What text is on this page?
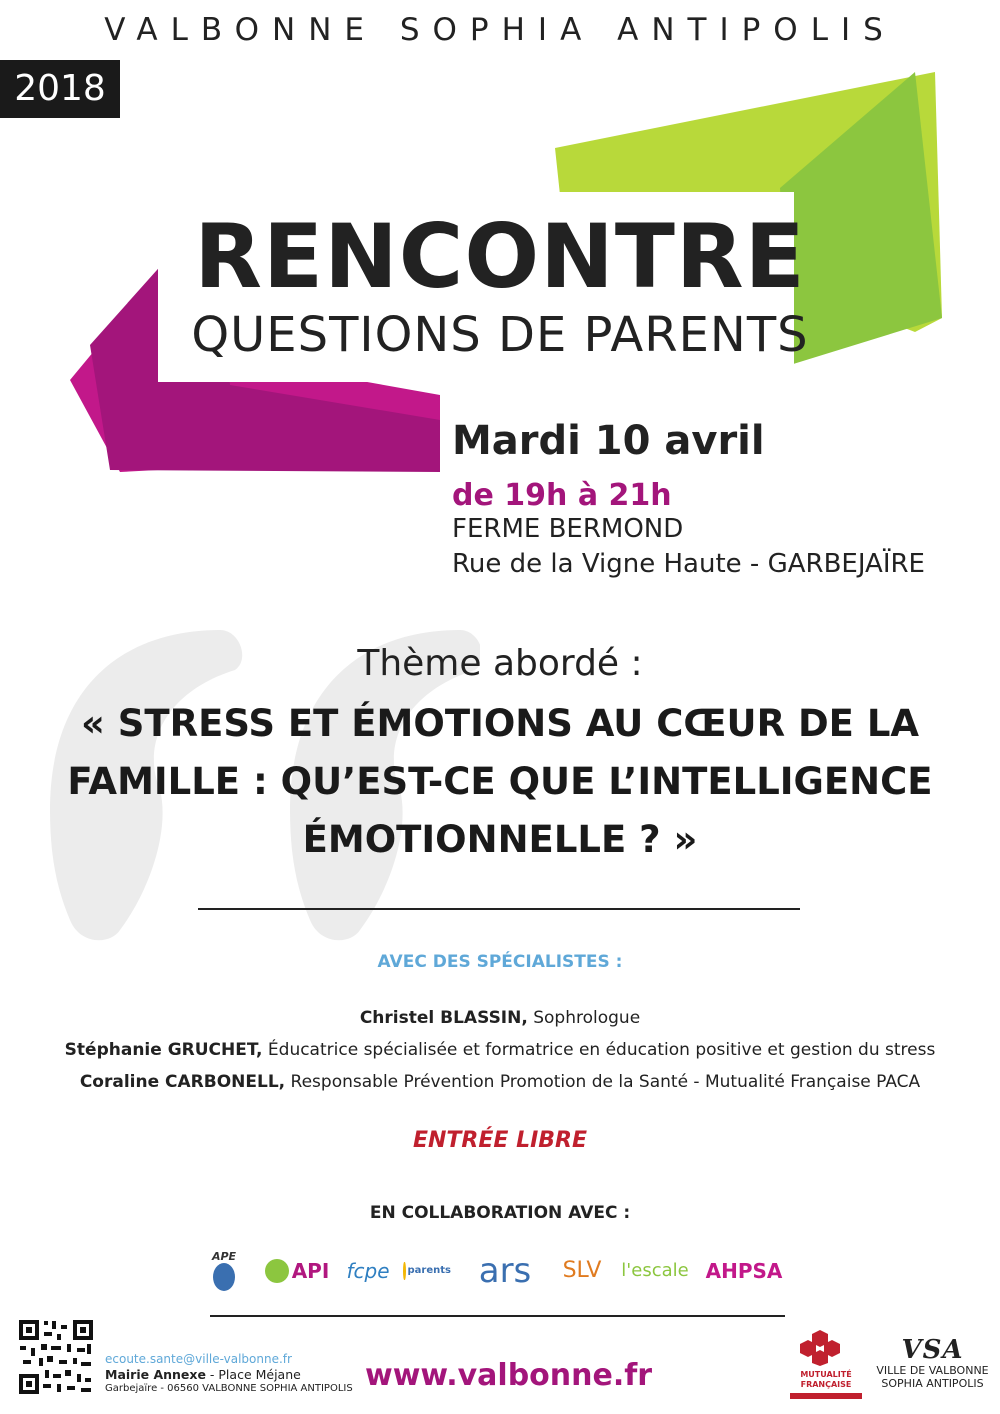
VALBONNE SOPHIA ANTIPOLIS
2018
RENCONTRE
QUESTIONS DE PARENTS
Mardi 10 avril
de 19h à 21h
FERME BERMOND
Rue de la Vigne Haute - GARBEJAÏRE
Thème abordé :
« STRESS ET ÉMOTIONS AU CŒUR DE LA FAMILLE : QU’EST-CE QUE L’INTELLIGENCE ÉMOTIONNELLE ? »
AVEC DES SPÉCIALISTES :
Christel BLASSIN, Sophrologue
Stéphanie GRUCHET, Éducatrice spécialisée et formatrice en éducation positive et gestion du stress
Coraline CARBONELL, Responsable Prévention Promotion de la Santé - Mutualité Française PACA
ENTRÉE LIBRE
EN COLLABORATION AVEC :
APE
API fcpe	parents ars	SLV	l'escale AHPSA
ecoute.sante@ville-valbonne.fr
Mairie Annexe - Place Méjane
Garbejaïre - 06560 VALBONNE SOPHIA ANTIPOLIS www.valbonne.fr	MUTUALITÉ FRANÇAISE
VSA
VILLE DE VALBONNE
SOPHIA ANTIPOLIS
